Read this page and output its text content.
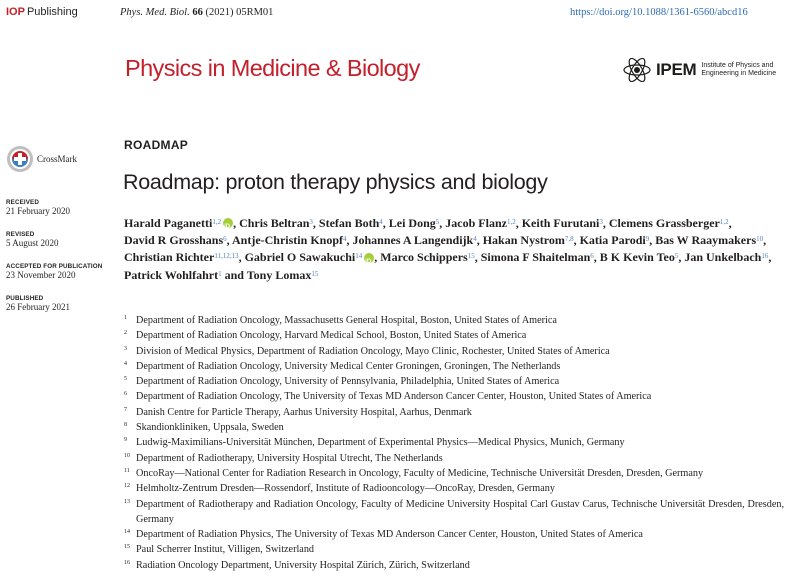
IOP Publishing	Phys. Med. Biol. 66 (2021) 05RM01	https://doi.org/10.1088/1361-6560/abcd16
Physics in Medicine & Biology	IPEM Institute of Physics and
Engineering in Medicine
CrossMark
RECEIVED
21 February 2020
REVISED
5 August 2020
ACCEPTED FOR PUBLICATION
23 November 2020
PUBLISHED
26 February 2021
ROADMAP
Roadmap: proton therapy physics and biology
Harald Paganetti$^{1,2}$ iD , Chris Beltran$^3$, Stefan Both$^4$, Lei Dong$^5$, Jacob Flanz$^{1,2}$, Keith Furutani$^3$, Clemens Grassberger$^{1,2}$, David R Grosshans$^6$, Antje-Christin Knopf$^4$, Johannes A Langendijk$^4$, Hakan Nystrom$^{7,8}$, Katia Parodi$^9$, Bas W Raaymakers$^{10}$, Christian Richter$^{11,12,13}$, Gabriel O Sawakuchi$^{14}$ iD , Marco Schippers$^{15}$, Simona F Shaitelman$^6$, B K Kevin Teo$^5$, Jan Unkelbach$^{16}$, Patrick Wohlfahrt$^1$ and Tony Lomax$^{15}$
1 Department of Radiation Oncology, Massachusetts General Hospital, Boston, United States of America
2 Department of Radiation Oncology, Harvard Medical School, Boston, United States of America
3 Division of Medical Physics, Department of Radiation Oncology, Mayo Clinic, Rochester, United States of America
4 Department of Radiation Oncology, University Medical Center Groningen, Groningen, The Netherlands
5 Department of Radiation Oncology, University of Pennsylvania, Philadelphia, United States of America
6 Department of Radiation Oncology, The University of Texas MD Anderson Cancer Center, Houston, United States of America
7 Danish Centre for Particle Therapy, Aarhus University Hospital, Aarhus, Denmark
8 Skandionkliniken, Uppsala, Sweden
9 Ludwig-Maximilians-Universität München, Department of Experimental Physics—Medical Physics, Munich, Germany
10 Department of Radiotherapy, University Hospital Utrecht, The Netherlands
11 OncoRay—National Center for Radiation Research in Oncology, Faculty of Medicine, Technische Universität Dresden, Dresden, Germany
12 Helmholtz-Zentrum Dresden—Rossendorf, Institute of Radiooncology—OncoRay, Dresden, Germany
13 Department of Radiotherapy and Radiation Oncology, Faculty of Medicine University Hospital Carl Gustav Carus, Technische Universität Dresden, Dresden, Germany
14 Department of Radiation Physics, The University of Texas MD Anderson Cancer Center, Houston, United States of America
15 Paul Scherrer Institut, Villigen, Switzerland
16 Radiation Oncology Department, University Hospital Zürich, Zürich, Switzerland
